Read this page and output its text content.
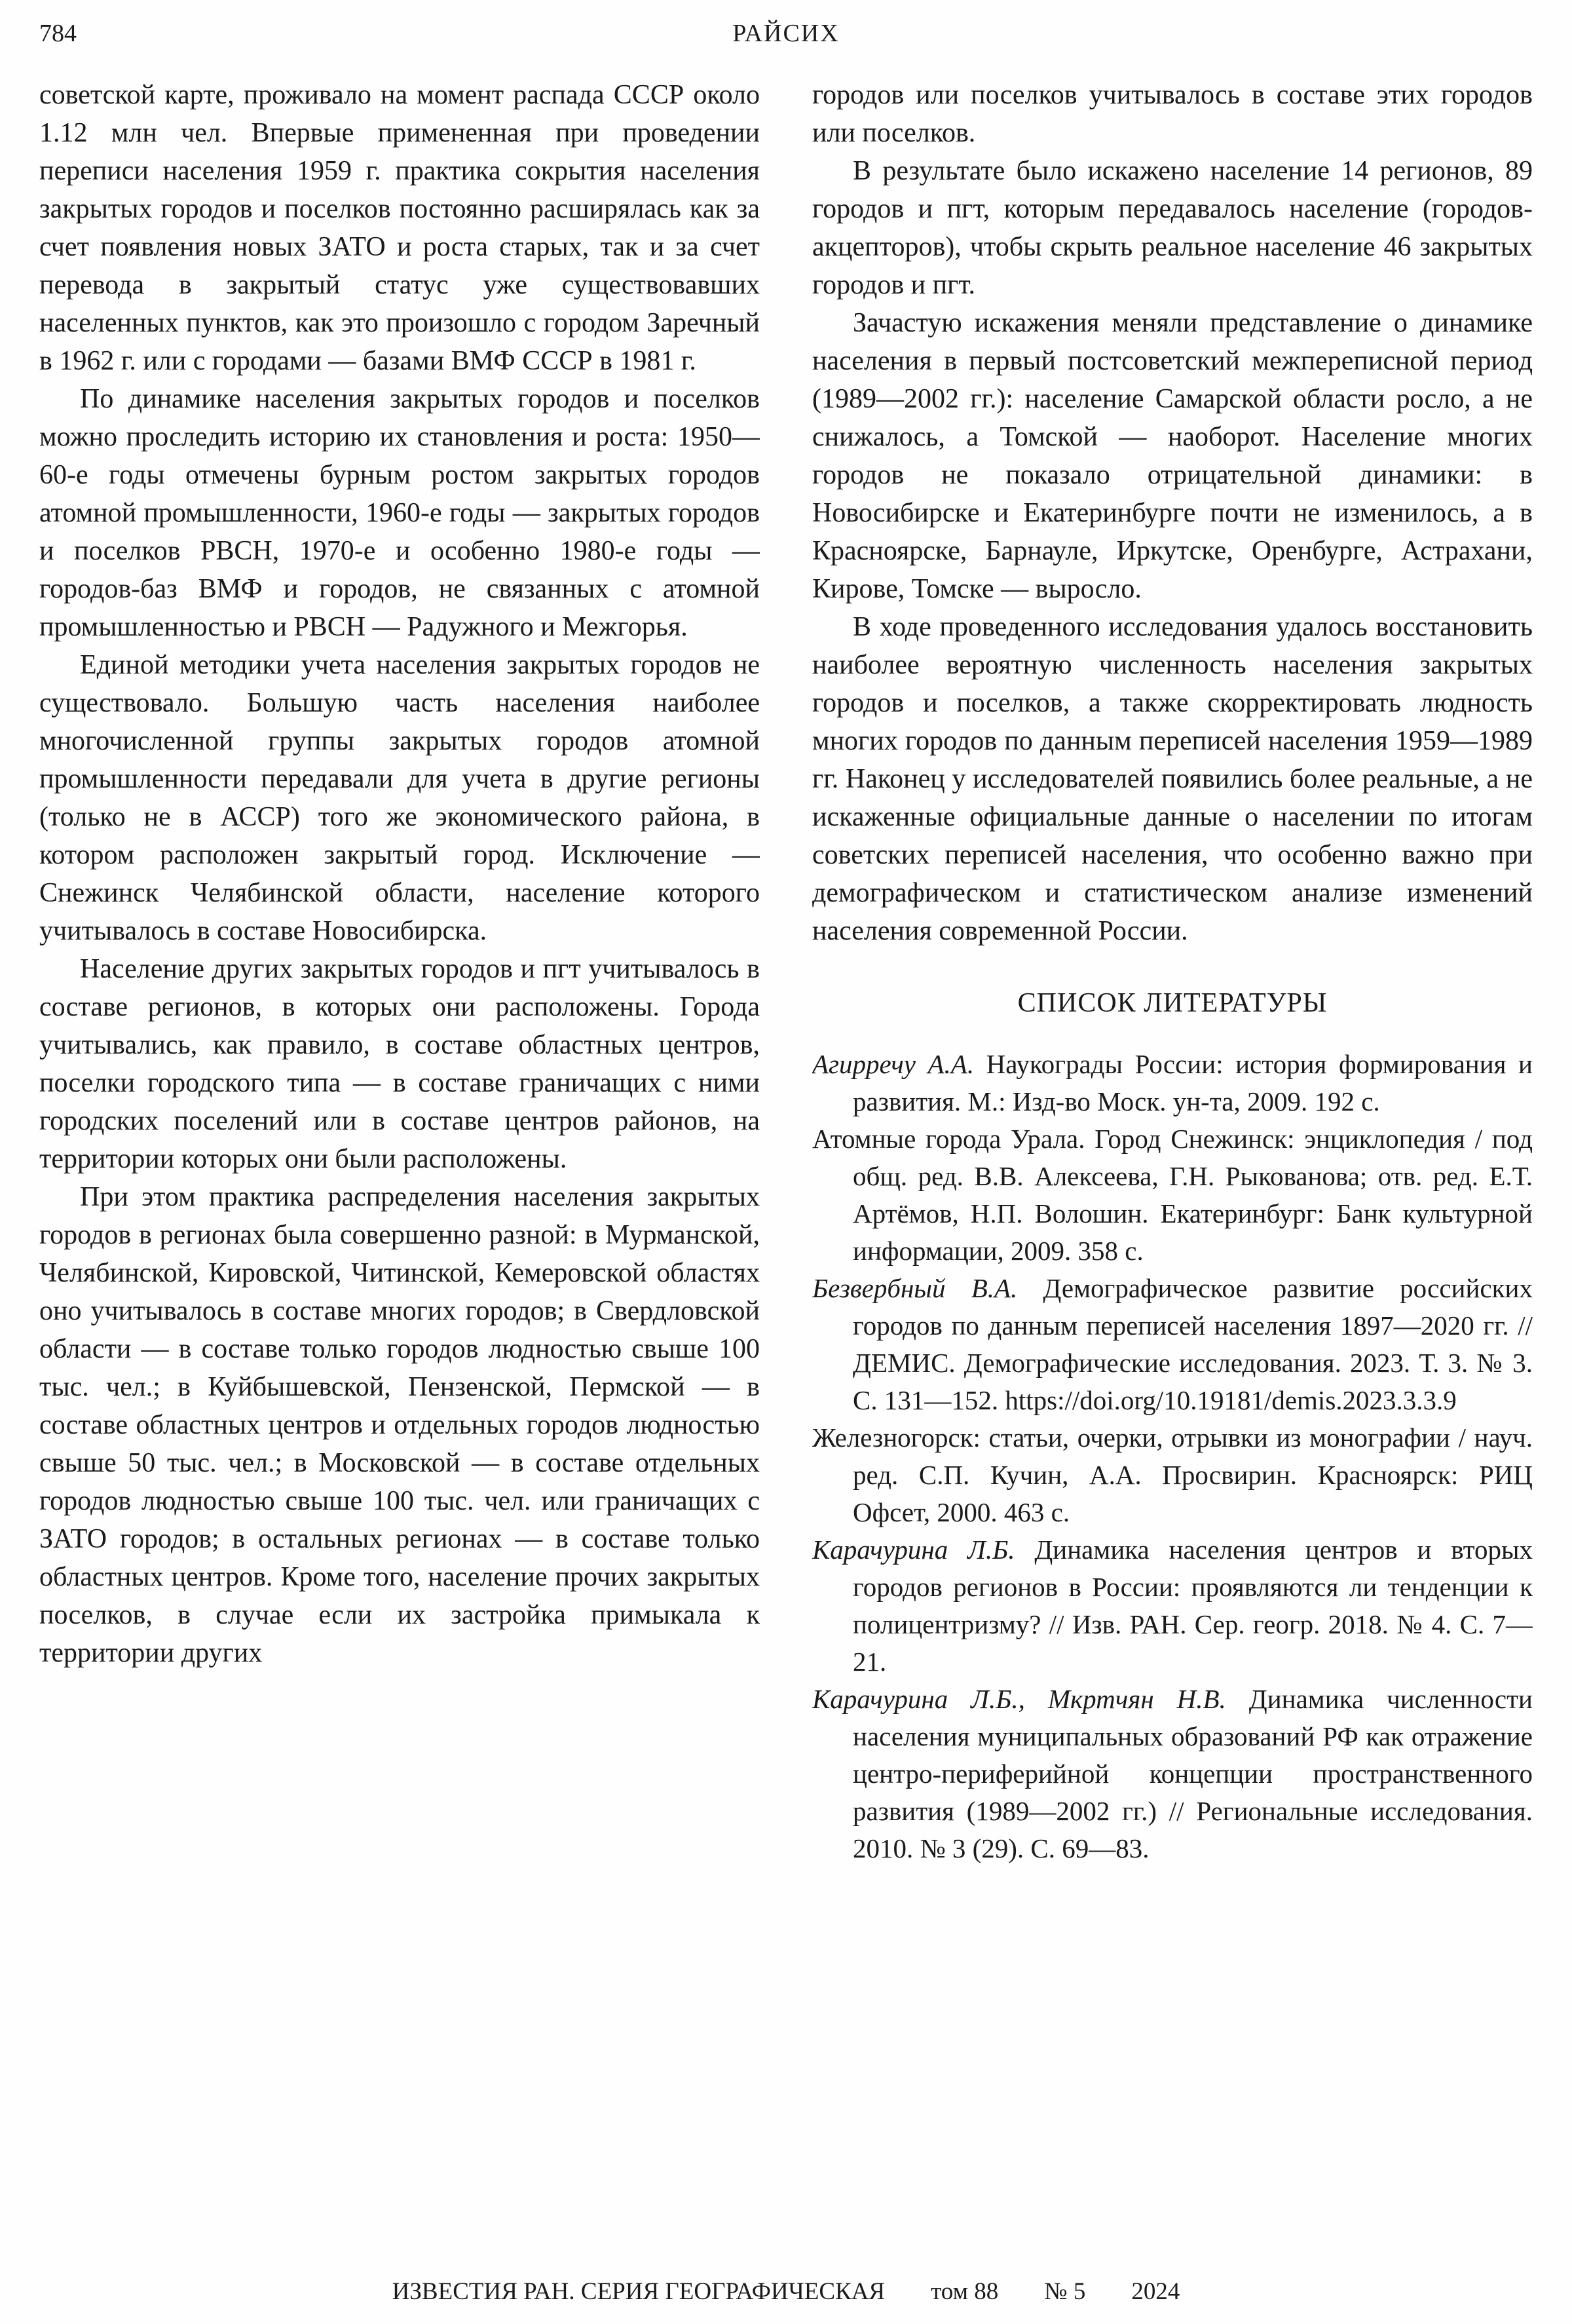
784	РАЙСИХ

советской карте, проживало на момент распада СССР около 1.12 млн чел. Впервые примененная при проведении переписи населения 1959 г. практика сокрытия населения закрытых городов и поселков постоянно расширялась как за счет появления новых ЗАТО и роста старых, так и за счет перевода в закрытый статус уже существовавших населенных пунктов, как это произошло с городом Заречный в 1962 г. или с городами — базами ВМФ СССР в 1981 г.

По динамике населения закрытых городов и поселков можно проследить историю их становления и роста: 1950—60-е годы отмечены бурным ростом закрытых городов атомной промышленности, 1960-е годы — закрытых городов и поселков РВСН, 1970-е и особенно 1980-е годы — городов-баз ВМФ и городов, не связанных с атомной промышленностью и РВСН — Радужного и Межгорья.

Единой методики учета населения закрытых городов не существовало. Большую часть населения наиболее многочисленной группы закрытых городов атомной промышленности передавали для учета в другие регионы (только не в АССР) того же экономического района, в котором расположен закрытый город. Исключение — Снежинск Челябинской области, население которого учитывалось в составе Новосибирска.

Население других закрытых городов и пгт учитывалось в составе регионов, в которых они расположены. Города учитывались, как правило, в составе областных центров, поселки городского типа — в составе граничащих с ними городских поселений или в составе центров районов, на территории которых они были расположены.

При этом практика распределения населения закрытых городов в регионах была совершенно разной: в Мурманской, Челябинской, Кировской, Читинской, Кемеровской областях оно учитывалось в составе многих городов; в Свердловской области — в составе только городов людностью свыше 100 тыс. чел.; в Куйбышевской, Пензенской, Пермской — в составе областных центров и отдельных городов людностью свыше 50 тыс. чел.; в Московской — в составе отдельных городов людностью свыше 100 тыс. чел. или граничащих с ЗАТО городов; в остальных регионах — в составе только областных центров. Кроме того, население прочих закрытых поселков, в случае если их застройка примыкала к территории других

городов или поселков учитывалось в составе этих городов или поселков.

В результате было искажено население 14 регионов, 89 городов и пгт, которым передавалось население (городов-акцепторов), чтобы скрыть реальное население 46 закрытых городов и пгт.

Зачастую искажения меняли представление о динамике населения в первый постсоветский межпереписной период (1989—2002 гг.): население Самарской области росло, а не снижалось, а Томской — наоборот. Население многих городов не показало отрицательной динамики: в Новосибирске и Екатеринбурге почти не изменилось, а в Красноярске, Барнауле, Иркутске, Оренбурге, Астрахани, Кирове, Томске — выросло.

В ходе проведенного исследования удалось восстановить наиболее вероятную численность населения закрытых городов и поселков, а также скорректировать людность многих городов по данным переписей населения 1959—1989 гг. Наконец у исследователей появились более реальные, а не искаженные официальные данные о населении по итогам советских переписей населения, что особенно важно при демографическом и статистическом анализе изменений населения современной России.

СПИСОК ЛИТЕРАТУРЫ

Агирречу А.А. Наукограды России: история формирования и развития. М.: Изд-во Моск. ун-та, 2009. 192 с.

Атомные города Урала. Город Снежинск: энциклопедия / под общ. ред. В.В. Алексеева, Г.Н. Рыкованова; отв. ред. Е.Т. Артёмов, Н.П. Волошин. Екатеринбург: Банк культурной информации, 2009. 358 с.

Безвербный В.А. Демографическое развитие российских городов по данным переписей населения 1897—2020 гг. // ДЕМИС. Демографические исследования. 2023. Т. 3. № 3. С. 131—152. https://doi.org/10.19181/demis.2023.3.3.9

Железногорск: статьи, очерки, отрывки из монографии / науч. ред. С.П. Кучин, А.А. Просвирин. Красноярск: РИЦ Офсет, 2000. 463 с.

Карачурина Л.Б. Динамика населения центров и вторых городов регионов в России: проявляются ли тенденции к полицентризму? // Изв. РАН. Сер. геогр. 2018. № 4. С. 7—21.

Карачурина Л.Б., Мкртчян Н.В. Динамика численности населения муниципальных образований РФ как отражение центро-периферийной концепции пространственного развития (1989—2002 гг.) // Региональные исследования. 2010. № 3 (29). С. 69—83.

ИЗВЕСТИЯ РАН. СЕРИЯ ГЕОГРАФИЧЕСКАЯ том 88 № 5 2024
